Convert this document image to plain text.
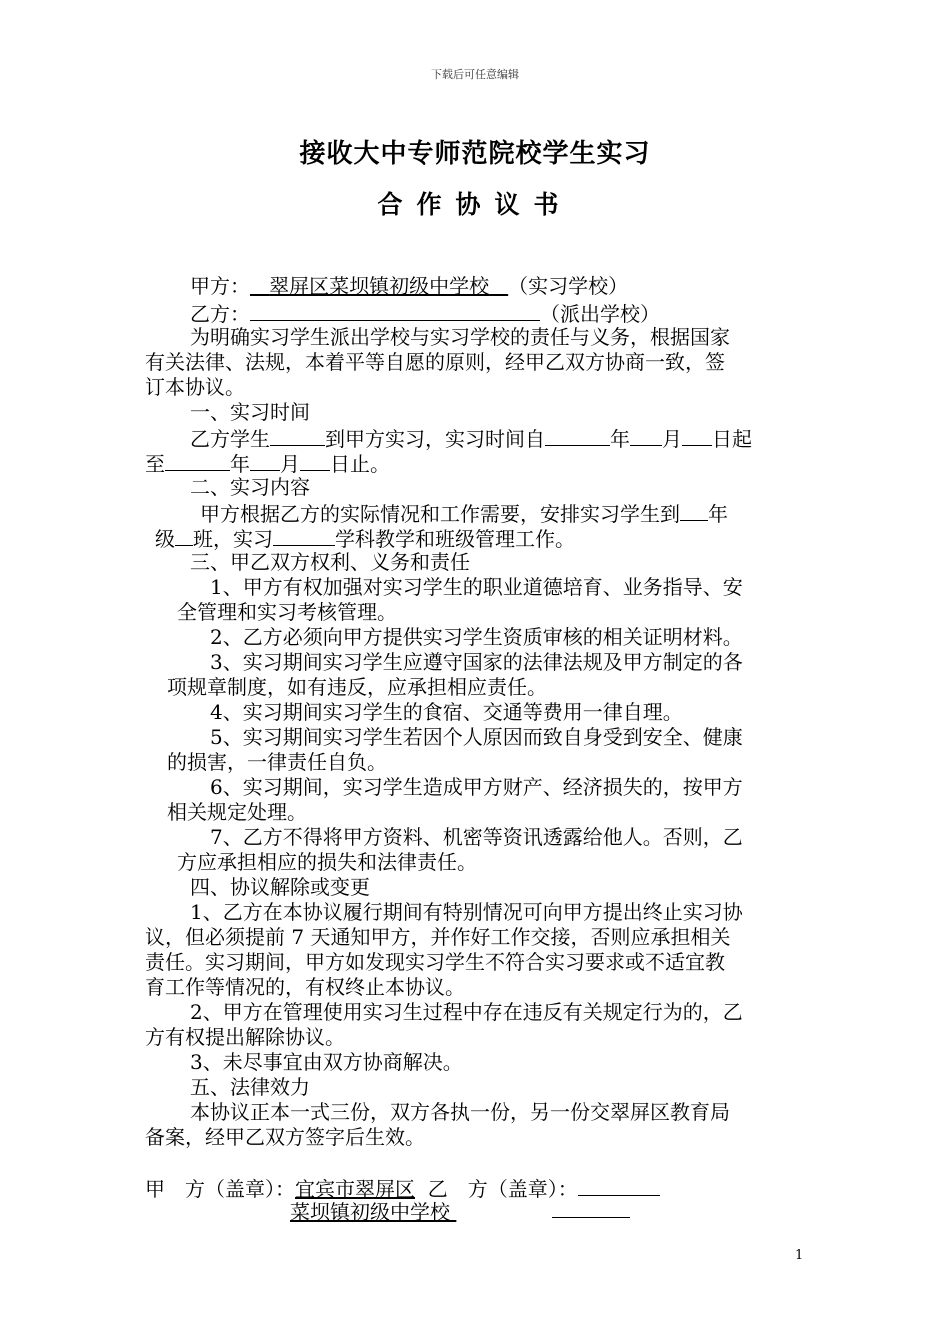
下载后可任意编辑
接收大中专师范院校学生实习
合作协议书
甲方： 翠屏区菜坝镇初级中学校 （实习学校）
乙方：	（派出学校）
为明确实习学生派出学校与实习学校的责任与义务，根据国家
有关法律、法规，本着平等自愿的原则，经甲乙双方协商一致，签
订本协议。
一、实习时间
乙方学生	到甲方实习，实习时间自	年 月 日起
至	年 月 日止。
二、实习内容
甲方根据乙方的实际情况和工作需要，安排实习学生到 年
级 班，实习	学科教学和班级管理工作。
三、甲乙双方权利、义务和责任
1、甲方有权加强对实习学生的职业道德培育、业务指导、安
全管理和实习考核管理。
2、乙方必须向甲方提供实习学生资质审核的相关证明材料。
3、实习期间实习学生应遵守国家的法律法规及甲方制定的各
项规章制度，如有违反，应承担相应责任。
4、实习期间实习学生的食宿、交通等费用一律自理。
5、实习期间实习学生若因个人原因而致自身受到安全、健康
的损害，一律责任自负。
6、实习期间，实习学生造成甲方财产、经济损失的，按甲方
相关规定处理。
7、乙方不得将甲方资料、机密等资讯透露给他人。否则，乙
方应承担相应的损失和法律责任。
四、协议解除或变更
1、乙方在本协议履行期间有特别情况可向甲方提出终止实习协
议，但必须提前 7 天通知甲方，并作好工作交接，否则应承担相关
责任。实习期间，甲方如发现实习学生不符合实习要求或不适宜教
育工作等情况的，有权终止本协议。
2、甲方在管理使用实习生过程中存在违反有关规定行为的，乙
方有权提出解除协议。
3、未尽事宜由双方协商解决。
五、法律效力
本协议正本一式三份，双方各执一份，另一份交翠屏区教育局
备案，经甲乙双方签字后生效。
甲　方（盖章）：宜宾市翠屏区 乙　方（盖章）：
菜坝镇初级中学校
1
